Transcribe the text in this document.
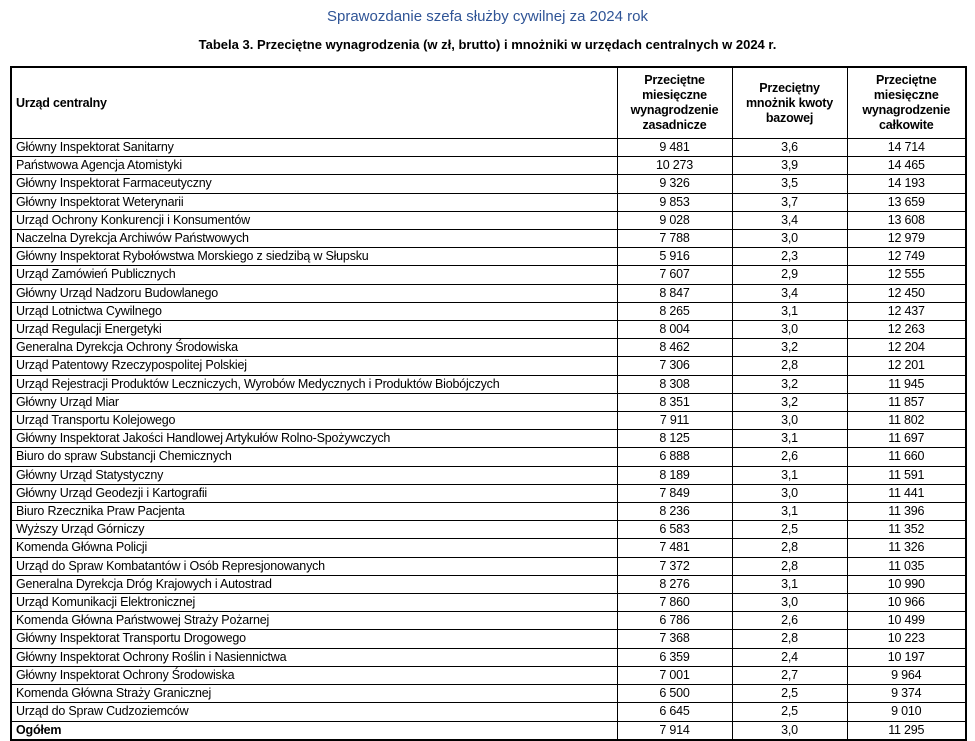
Sprawozdanie szefa służby cywilnej za 2024 rok
Tabela 3. Przeciętne wynagrodzenia (w zł, brutto) i mnożniki w urzędach centralnych w 2024 r.
Urząd centralny	Przeciętne miesięczne wynagrodzenie zasadnicze	Przeciętny mnożnik kwoty bazowej	Przeciętne miesięczne wynagrodzenie całkowite
Główny Inspektorat Sanitarny	9 481	3,6	14 714
Państwowa Agencja Atomistyki	10 273	3,9	14 465
Główny Inspektorat Farmaceutyczny	9 326	3,5	14 193
Główny Inspektorat Weterynarii	9 853	3,7	13 659
Urząd Ochrony Konkurencji i Konsumentów	9 028	3,4	13 608
Naczelna Dyrekcja Archiwów Państwowych	7 788	3,0	12 979
Główny Inspektorat Rybołówstwa Morskiego z siedzibą w Słupsku	5 916	2,3	12 749
Urząd Zamówień Publicznych	7 607	2,9	12 555
Główny Urząd Nadzoru Budowlanego	8 847	3,4	12 450
Urząd Lotnictwa Cywilnego	8 265	3,1	12 437
Urząd Regulacji Energetyki	8 004	3,0	12 263
Generalna Dyrekcja Ochrony Środowiska	8 462	3,2	12 204
Urząd Patentowy Rzeczypospolitej Polskiej	7 306	2,8	12 201
Urząd Rejestracji Produktów Leczniczych, Wyrobów Medycznych i Produktów Biobójczych	8 308	3,2	11 945
Główny Urząd Miar	8 351	3,2	11 857
Urząd Transportu Kolejowego	7 911	3,0	11 802
Główny Inspektorat Jakości Handlowej Artykułów Rolno-Spożywczych	8 125	3,1	11 697
Biuro do spraw Substancji Chemicznych	6 888	2,6	11 660
Główny Urząd Statystyczny	8 189	3,1	11 591
Główny Urząd Geodezji i Kartografii	7 849	3,0	11 441
Biuro Rzecznika Praw Pacjenta	8 236	3,1	11 396
Wyższy Urząd Górniczy	6 583	2,5	11 352
Komenda Główna Policji	7 481	2,8	11 326
Urząd do Spraw Kombatantów i Osób Represjonowanych	7 372	2,8	11 035
Generalna Dyrekcja Dróg Krajowych i Autostrad	8 276	3,1	10 990
Urząd Komunikacji Elektronicznej	7 860	3,0	10 966
Komenda Główna Państwowej Straży Pożarnej	6 786	2,6	10 499
Główny Inspektorat Transportu Drogowego	7 368	2,8	10 223
Główny Inspektorat Ochrony Roślin i Nasiennictwa	6 359	2,4	10 197
Główny Inspektorat Ochrony Środowiska	7 001	2,7	9 964
Komenda Główna Straży Granicznej	6 500	2,5	9 374
Urząd do Spraw Cudzoziemców	6 645	2,5	9 010
Ogółem	7 914	3,0	11 295
